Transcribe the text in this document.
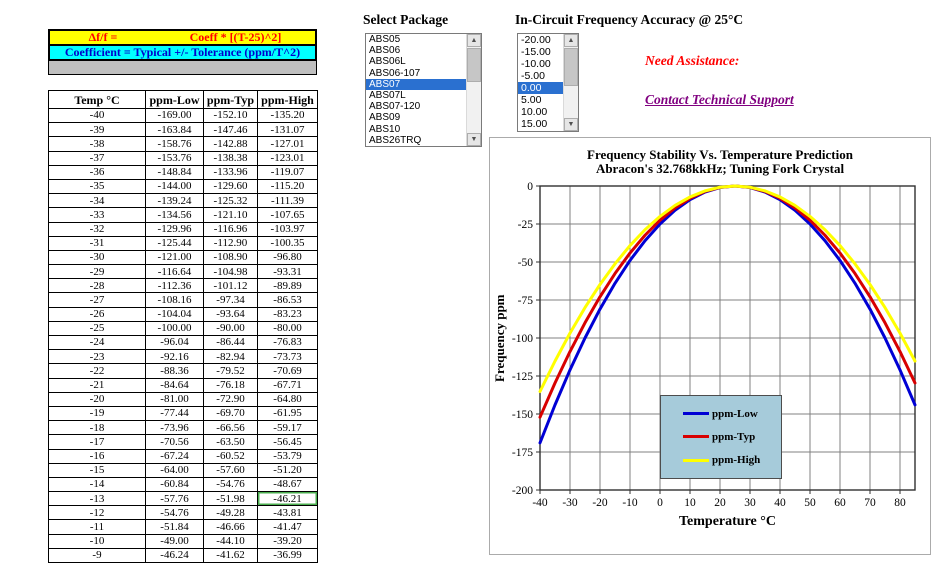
Δf/f =	Coeff * [(T-25)^2]
Coefficient = Typical +/- Tolerance (ppm/T^2)
Temp °C	ppm-Low	ppm-Typ	ppm-High
-40	-169.00	-152.10	-135.20
-39	-163.84	-147.46	-131.07
-38	-158.76	-142.88	-127.01
-37	-153.76	-138.38	-123.01
-36	-148.84	-133.96	-119.07
-35	-144.00	-129.60	-115.20
-34	-139.24	-125.32	-111.39
-33	-134.56	-121.10	-107.65
-32	-129.96	-116.96	-103.97
-31	-125.44	-112.90	-100.35
-30	-121.00	-108.90	-96.80
-29	-116.64	-104.98	-93.31
-28	-112.36	-101.12	-89.89
-27	-108.16	-97.34	-86.53
-26	-104.04	-93.64	-83.23
-25	-100.00	-90.00	-80.00
-24	-96.04	-86.44	-76.83
-23	-92.16	-82.94	-73.73
-22	-88.36	-79.52	-70.69
-21	-84.64	-76.18	-67.71
-20	-81.00	-72.90	-64.80
-19	-77.44	-69.70	-61.95
-18	-73.96	-66.56	-59.17
-17	-70.56	-63.50	-56.45
-16	-67.24	-60.52	-53.79
-15	-64.00	-57.60	-51.20
-14	-60.84	-54.76	-48.67
-13	-57.76	-51.98	-46.21
-12	-54.76	-49.28	-43.81
-11	-51.84	-46.66	-41.47
-10	-49.00	-44.10	-39.20
-9	-46.24	-41.62	-36.99
Select Package
ABS05
ABS06
ABS06L
ABS06-107
ABS07
ABS07L
ABS07-120
ABS09
ABS10
ABS26TRQ
▲
▼
In-Circuit Frequency Accuracy @ 25°C
-20.00
-15.00
-10.00
-5.00
0.00
5.00
10.00
15.00
▲
▼
Need Assistance:
Contact Technical Support
Frequency Stability Vs. Temperature Prediction
Abracon's 32.768kkHz; Tuning Fork Crystal
-40 -30 -20 -10 0 10 20 30 40 50 60 70 80
0
-25
-50
-75
-100
-125
-150
-175
-200
Frequency ppm
Temperature °C
ppm-Low
ppm-Typ
ppm-High
